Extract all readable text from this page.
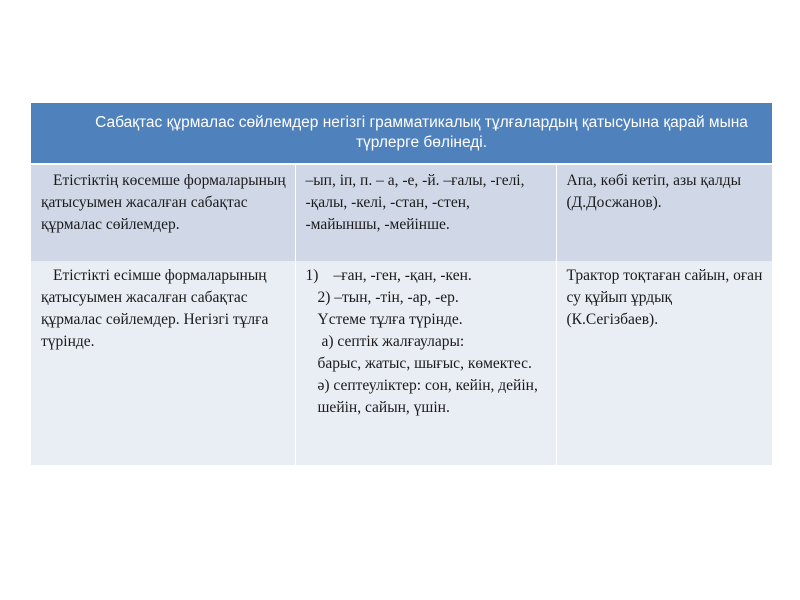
Сабақтас құрмалас сөйлемдер негізгі грамматикалық тұлғалардың қатысуына қарай мына түрлерге бөлінеді.		
Етістіктің көсемше формаларының қатысуымен жасалған сабақтас құрмалас сөйлемдер.	–ып, іп, п. – а, -е, -й. –ғалы, -гелі, -қалы, -келі, -стан, -стен, -майыншы, -мейінше.	Апа, көбі кетіп, азы қалды (Д.Досжанов).
Етістікті есімше формаларының қатысуымен жасалған сабақтас құрмалас сөйлемдер. Негізгі тұлға түрінде.	1) –ған, -ген, -қан, -кен.
2) –тын, -тін, -ар, -ер.
Үстеме тұлға түрінде.
а) септік жалғаулары:
барыс, жатыс, шығыс, көмектес. ә) септеуліктер: сон, кейін, дейін, шейін, сайын, үшін.	Трактор тоқтаған сайын, оған су құйып ұрдық (К.Сегізбаев).
